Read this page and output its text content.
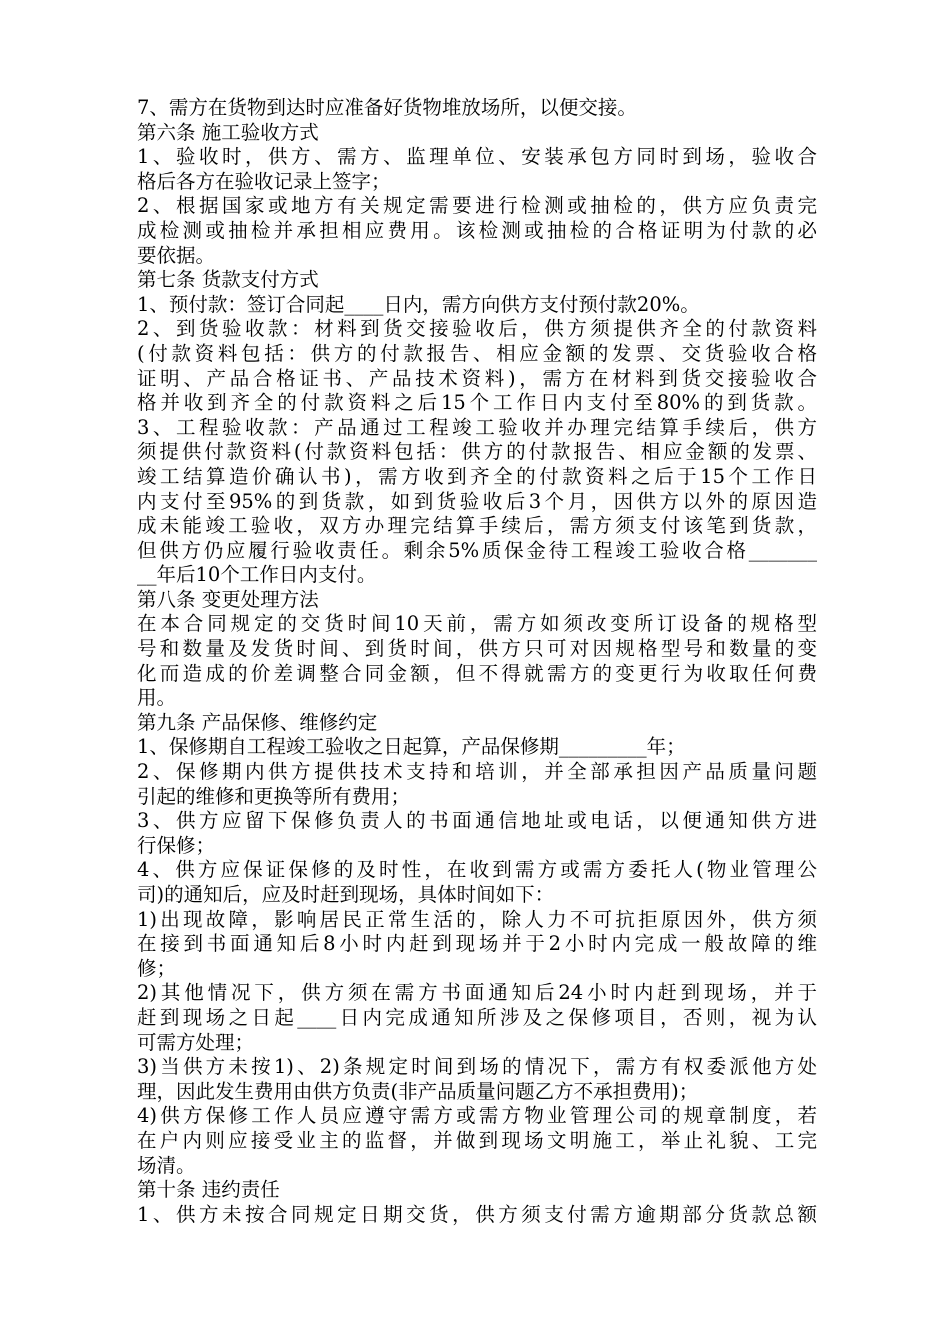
7、需方在货物到达时应准备好货物堆放场所，以便交接。
第六条 施工验收方式
1、验收时，供方、需方、监理单位、安装承包方同时到场，验收合
格后各方在验收记录上签字；
2、根据国家或地方有关规定需要进行检测或抽检的，供方应负责完
成检测或抽检并承担相应费用。该检测或抽检的合格证明为付款的必
要依据。
第七条 货款支付方式
1、预付款：签订合同起____日内，需方向供方支付预付款20%。
2、到货验收款：材料到货交接验收后，供方须提供齐全的付款资料
(付款资料包括：供方的付款报告、相应金额的发票、交货验收合格
证明、产品合格证书、产品技术资料)，需方在材料到货交接验收合
格并收到齐全的付款资料之后15个工作日内支付至80%的到货款。
3、工程验收款：产品通过工程竣工验收并办理完结算手续后，供方
须提供付款资料(付款资料包括：供方的付款报告、相应金额的发票、
竣工结算造价确认书)，需方收到齐全的付款资料之后于15个工作日
内支付至95%的到货款，如到货验收后3个月，因供方以外的原因造
成未能竣工验收，双方办理完结算手续后，需方须支付该笔到货款，
但供方仍应履行验收责任。剩余5%质保金待工程竣工验收合格_______
__年后10个工作日内支付。
第八条 变更处理方法
在本合同规定的交货时间10天前，需方如须改变所订设备的规格型
号和数量及发货时间、到货时间，供方只可对因规格型号和数量的变
化而造成的价差调整合同金额，但不得就需方的变更行为收取任何费
用。
第九条 产品保修、维修约定
1、保修期自工程竣工验收之日起算，产品保修期_________年；
2、保修期内供方提供技术支持和培训，并全部承担因产品质量问题
引起的维修和更换等所有费用；
3、供方应留下保修负责人的书面通信地址或电话，以便通知供方进
行保修；
4、供方应保证保修的及时性，在收到需方或需方委托人(物业管理公
司)的通知后，应及时赶到现场，具体时间如下：
1)出现故障，影响居民正常生活的，除人力不可抗拒原因外，供方须
在接到书面通知后8小时内赶到现场并于2小时内完成一般故障的维
修；
2)其他情况下，供方须在需方书面通知后24小时内赶到现场，并于
赶到现场之日起____日内完成通知所涉及之保修项目，否则，视为认
可需方处理；
3)当供方未按1)、2)条规定时间到场的情况下，需方有权委派他方处
理，因此发生费用由供方负责(非产品质量问题乙方不承担费用)；
4)供方保修工作人员应遵守需方或需方物业管理公司的规章制度，若
在户内则应接受业主的监督，并做到现场文明施工，举止礼貌、工完
场清。
第十条 违约责任
1、供方未按合同规定日期交货，供方须支付需方逾期部分货款总额
